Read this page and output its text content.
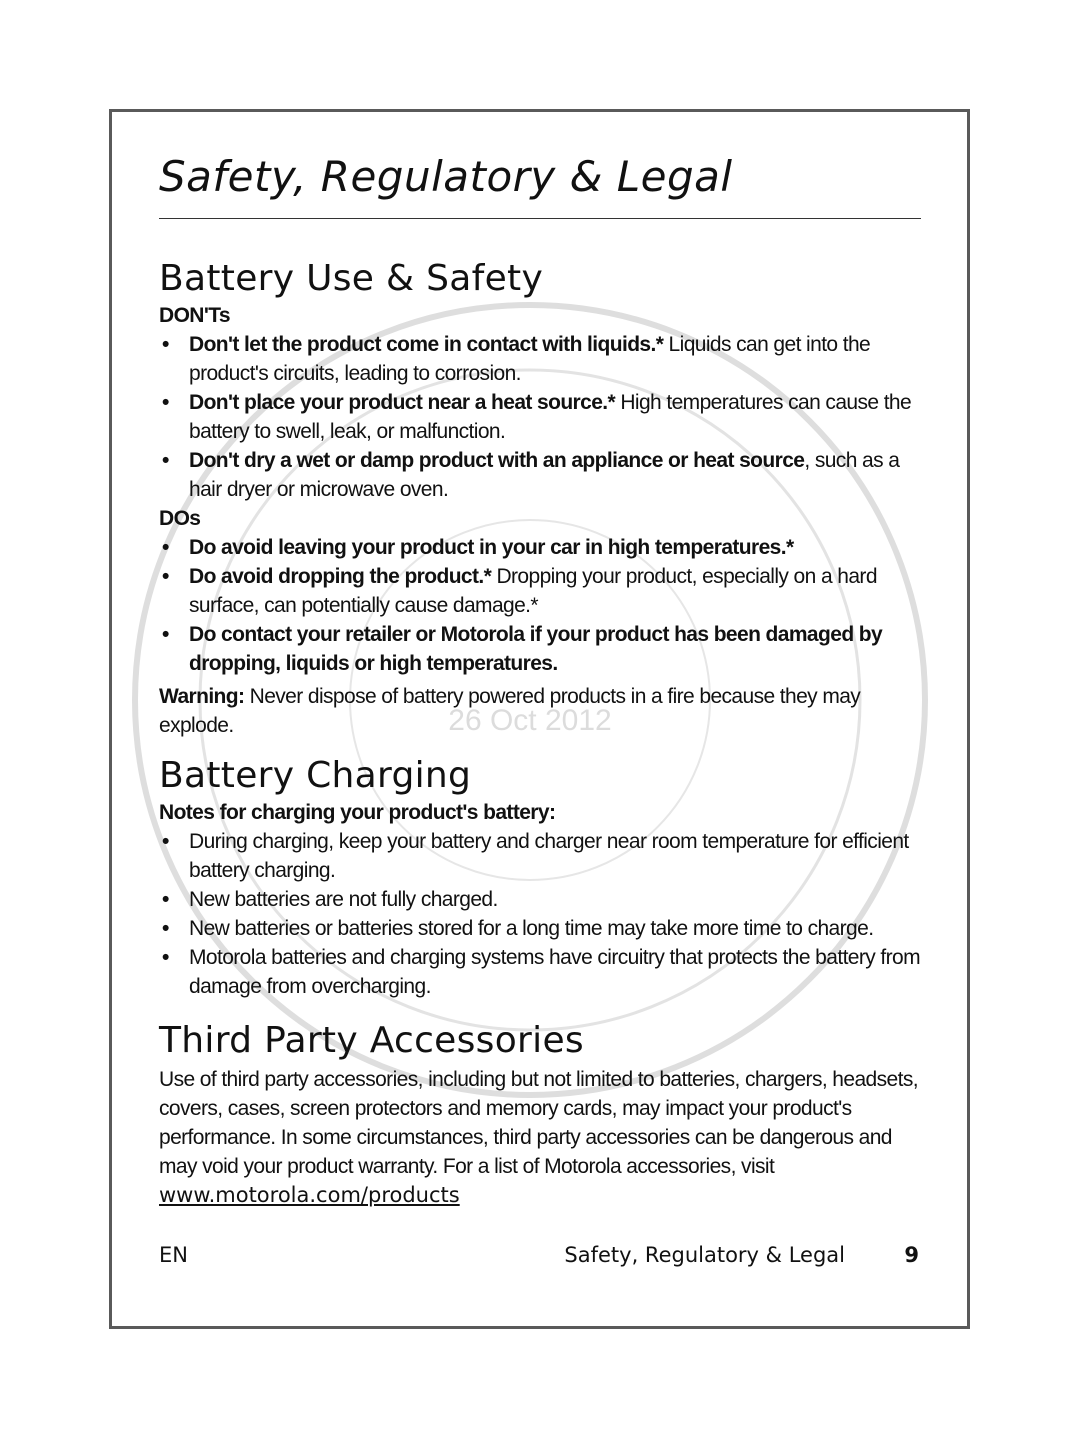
26 Oct 2012
Safety, Regulatory & Legal
Battery Use & Safety
DON'Ts
• Don't let the product come in contact with liquids.* Liquids can get into the product's circuits, leading to corrosion.
• Don't place your product near a heat source.* High temperatures can cause the battery to swell, leak, or malfunction.
• Don't dry a wet or damp product with an appliance or heat source, such as a hair dryer or microwave oven.
DOs
• Do avoid leaving your product in your car in high temperatures.*
• Do avoid dropping the product.* Dropping your product, especially on a hard surface, can potentially cause damage.*
• Do contact your retailer or Motorola if your product has been damaged by dropping, liquids or high temperatures.
Warning: Never dispose of battery powered products in a fire because they may explode.
Battery Charging
Notes for charging your product's battery:
• During charging, keep your battery and charger near room temperature for efficient battery charging.
• New batteries are not fully charged.
• New batteries or batteries stored for a long time may take more time to charge.
• Motorola batteries and charging systems have circuitry that protects the battery from damage from overcharging.
Third Party Accessories

Use of third party accessories, including but not limited to batteries, chargers, headsets, covers, cases, screen protectors and memory cards, may impact your product's performance. In some circumstances, third party accessories can be dangerous and may void your product warranty. For a list of Motorola accessories, visit www.motorola.com/products

EN	Safety, Regulatory & Legal	9
